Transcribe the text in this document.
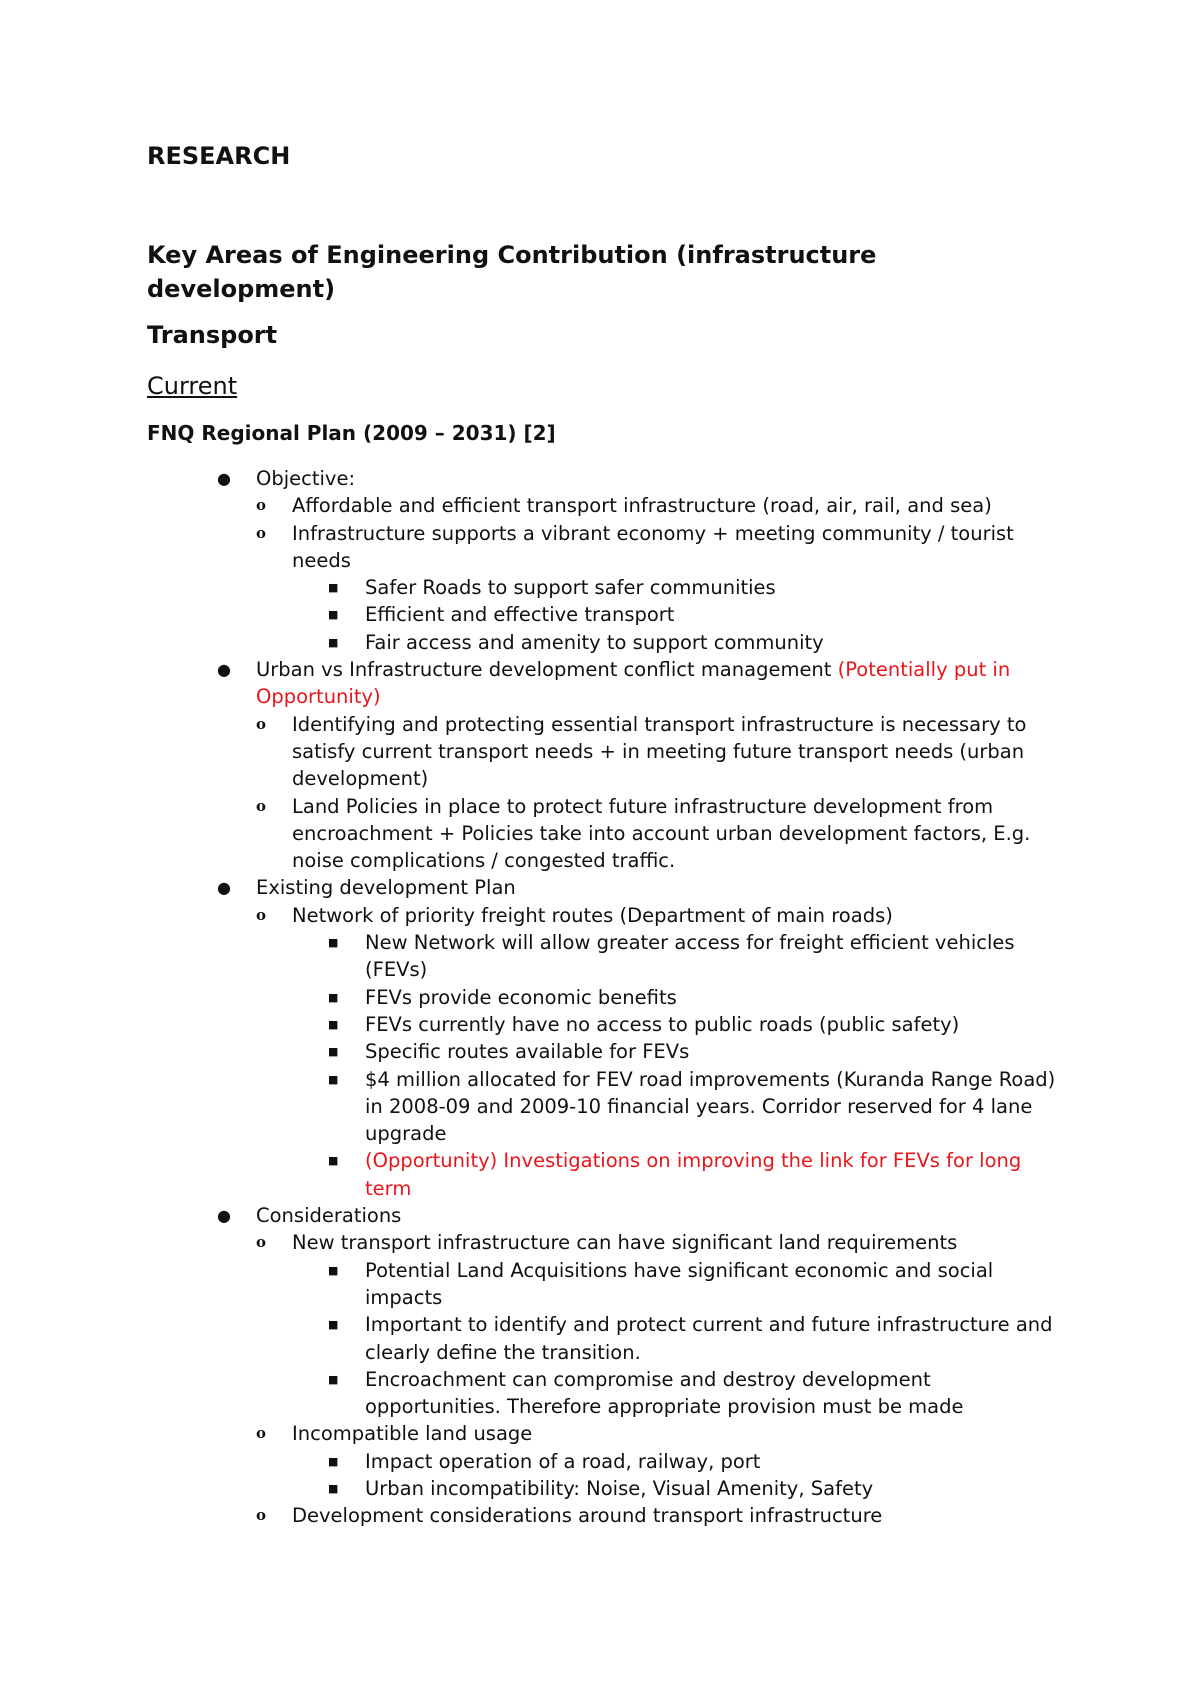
RESEARCH
Key Areas of Engineering Contribution (infrastructure development)
Transport
Current
FNQ Regional Plan (2009 – 2031) [2]
● Objective:
o Affordable and efficient transport infrastructure (road, air, rail, and sea)
o Infrastructure supports a vibrant economy + meeting community / tourist needs
■ Safer Roads to support safer communities
■ Efficient and effective transport
■ Fair access and amenity to support community
● Urban vs Infrastructure development conflict management (Potentially put in Opportunity)
o Identifying and protecting essential transport infrastructure is necessary to satisfy current transport needs + in meeting future transport needs (urban development)
o Land Policies in place to protect future infrastructure development from encroachment + Policies take into account urban development factors, E.g. noise complications / congested traffic.
● Existing development Plan
o Network of priority freight routes (Department of main roads)
■ New Network will allow greater access for freight efficient vehicles (FEVs)
■ FEVs provide economic benefits
■ FEVs currently have no access to public roads (public safety)
■ Specific routes available for FEVs
■ $4 million allocated for FEV road improvements (Kuranda Range Road) in 2008-09 and 2009-10 financial years. Corridor reserved for 4 lane upgrade
■ (Opportunity) Investigations on improving the link for FEVs for long term
● Considerations
o New transport infrastructure can have significant land requirements
■ Potential Land Acquisitions have significant economic and social impacts
■ Important to identify and protect current and future infrastructure and clearly define the transition.
■ Encroachment can compromise and destroy development opportunities. Therefore appropriate provision must be made
o Incompatible land usage
■ Impact operation of a road, railway, port
■ Urban incompatibility: Noise, Visual Amenity, Safety
o Development considerations around transport infrastructure
